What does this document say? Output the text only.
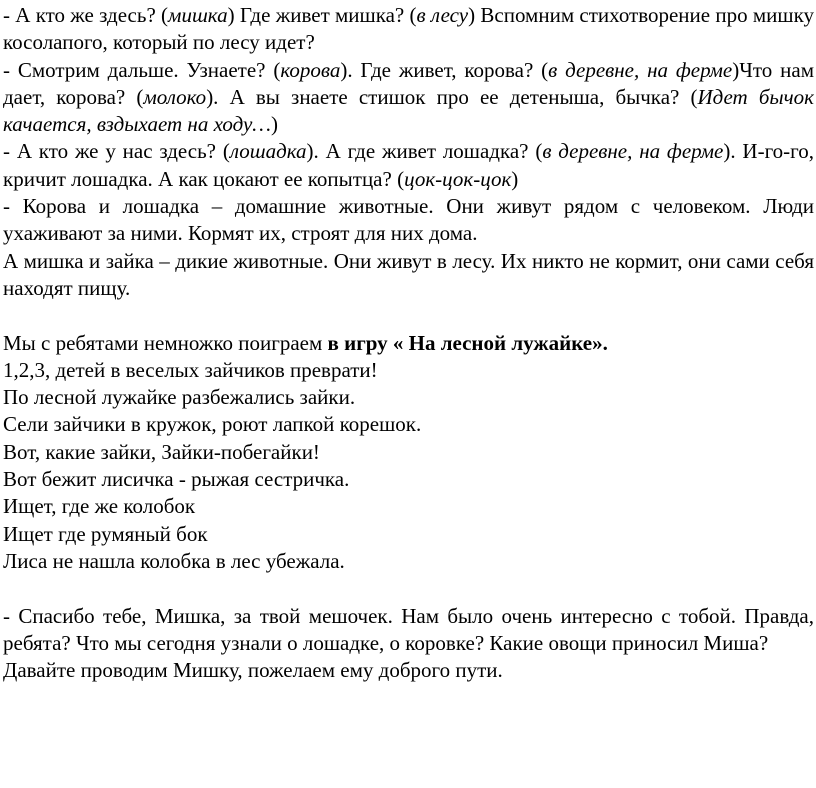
- А кто же здесь? (мишка) Где живет мишка? (в лесу) Вспомним стихотворение про мишку косолапого, который по лесу идет?

- Смотрим дальше. Узнаете? (корова). Где живет, корова? (в деревне, на ферме)Что нам дает, корова? (молоко). А вы знаете стишок про ее детеныша, бычка? (Идет бычок качается, вздыхает на ходу…)

- А кто же у нас здесь? (лошадка). А где живет лошадка? (в деревне, на ферме). И-го-го, кричит лошадка. А как цокают ее копытца? (цок-цок-цок)

- Корова и лошадка – домашние животные. Они живут рядом с человеком. Люди ухаживают за ними. Кормят их, строят для них дома.

А мишка и зайка – дикие животные. Они живут в лесу. Их никто не кормит, они сами себя находят пищу.

Мы с ребятами немножко поиграем в игру « На лесной лужайке».

1,2,3, детей в веселых зайчиков преврати!

По лесной лужайке разбежались зайки.

Сели зайчики в кружок, роют лапкой корешок.

Вот, какие зайки, Зайки-побегайки!

Вот бежит лисичка - рыжая сестричка.

Ищет, где же колобок

Ищет где румяный бок

Лиса не нашла колобка в лес убежала.

- Спасибо тебе, Мишка, за твой мешочек. Нам было очень интересно с тобой. Правда, ребята? Что мы сегодня узнали о лошадке, о коровке? Какие овощи приносил Миша?

Давайте проводим Мишку, пожелаем ему доброго пути.
